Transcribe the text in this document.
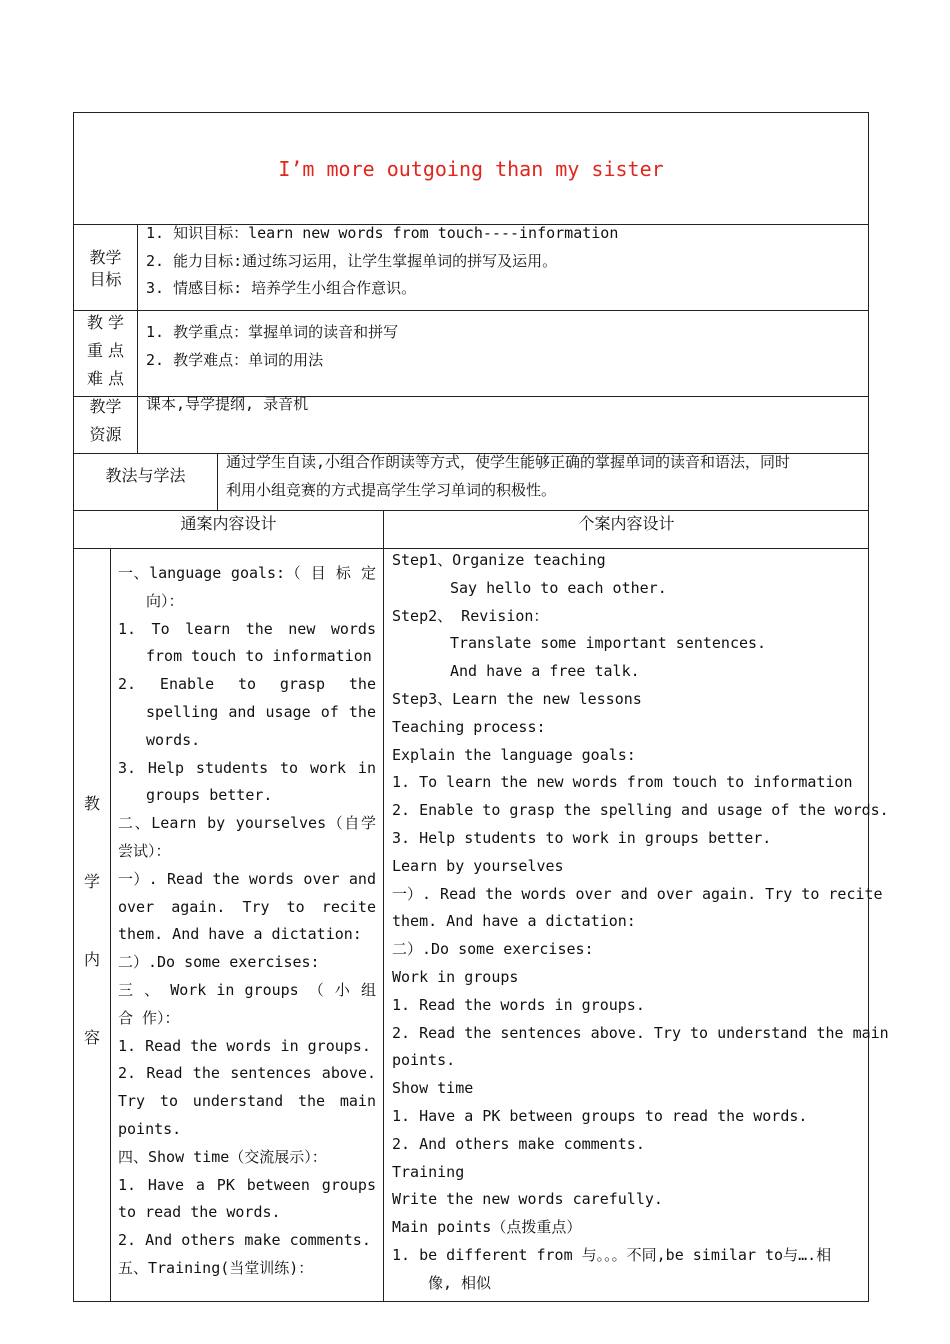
I’m more outgoing than my sister
教学
目标
1. 知识目标：learn new words from touch----information
2. 能力目标:通过练习运用，让学生掌握单词的拼写及运用。
3. 情感目标: 培养学生小组合作意识。
教 学
重 点
难 点
1. 教学重点：掌握单词的读音和拼写
2. 教学难点：单词的用法
教学
资源
课本,导学提纲, 录音机
教法与学法
通过学生自读,小组合作朗读等方式，使学生能够正确的掌握单词的读音和语法，同时
利用小组竞赛的方式提高学生学习单词的积极性。
通案内容设计	个案内容设计
教
学
内
容
一、language goals:（ 目 标 定 向）：
1. To learn the new words from touch to information
2. Enable to grasp the spelling and usage of the words.
3. Help students to work in groups better.
二、Learn by yourselves（自学尝试）：
一）. Read the words over and over again. Try to recite them. And have a dictation:
二）.Do some exercises:
三 、 Work in groups （ 小 组 合 作）：
1. Read the words in groups.
2. Read the sentences above. Try to understand the main points.
四、Show time（交流展示）：
1. Have a PK between groups to read the words.
2. And others make comments.
五、Training(当堂训练)：
Step1、Organize teaching
Say hello to each other.
Step2、 Revision：
Translate some important sentences.
And have a free talk.
Step3、Learn the new lessons
Teaching process:
Explain the language goals:
1. To learn the new words from touch to information
2. Enable to grasp the spelling and usage of the words.
3. Help students to work in groups better.
Learn by yourselves
一）. Read the words over and over again. Try to recite
them. And have a dictation:
二）.Do some exercises:
Work in groups
1. Read the words in groups.
2. Read the sentences above. Try to understand the main
points.
Show time
1. Have a PK between groups to read the words.
2. And others make comments.
Training
Write the new words carefully.
Main points（点拨重点）
1. be different from 与。。。不同,be similar to与….相
像, 相似
